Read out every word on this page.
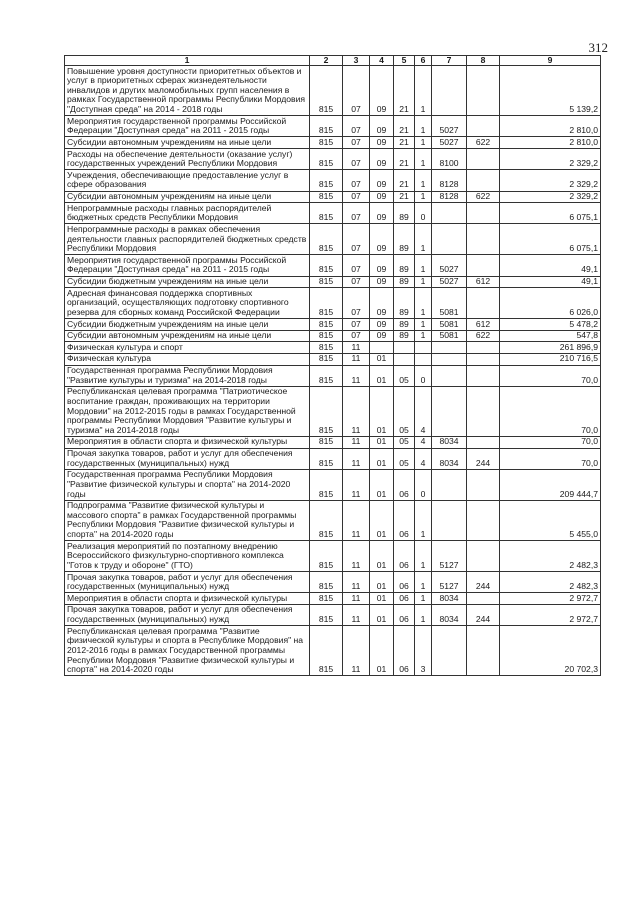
312
1	2	3	4	5	6	7	8	9
Повышение уровня доступности приоритетных объектов и услуг в приоритетных сферах жизнедеятельности инвалидов и других маломобильных групп населения в рамках Государственной программы Республики Мордовия "Доступная среда" на 2014 - 2018 годы	815	07	09	21	1			5 139,2
Мероприятия государственной программы Российской Федерации "Доступная среда" на 2011 - 2015 годы	815	07	09	21	1	5027		2 810,0
Субсидии автономным учреждениям на иные цели	815	07	09	21	1	5027	622	2 810,0
Расходы на обеспечение деятельности (оказание услуг) государственных учреждений Республики Мордовия	815	07	09	21	1	8100		2 329,2
Учреждения, обеспечивающие предоставление услуг в сфере образования	815	07	09	21	1	8128		2 329,2
Субсидии автономным учреждениям на иные цели	815	07	09	21	1	8128	622	2 329,2
Непрограммные расходы главных распорядителей бюджетных средств Республики Мордовия	815	07	09	89	0			6 075,1
Непрограммные расходы в рамках обеспечения деятельности главных распорядителей бюджетных средств Республики Мордовия	815	07	09	89	1			6 075,1
Мероприятия государственной программы Российской Федерации "Доступная среда" на 2011 - 2015 годы	815	07	09	89	1	5027		49,1
Субсидии бюджетным учреждениям на иные цели	815	07	09	89	1	5027	612	49,1
Адресная финансовая поддержка спортивных организаций, осуществляющих подготовку спортивного резерва для сборных команд Российской Федерации	815	07	09	89	1	5081		6 026,0
Субсидии бюджетным учреждениям на иные цели	815	07	09	89	1	5081	612	5 478,2
Субсидии автономным учреждениям на иные цели	815	07	09	89	1	5081	622	547,8
Физическая культура и спорт	815	11						261 896,9
Физическая культура	815	11	01					210 716,5
Государственная программа Республики Мордовия "Развитие культуры и туризма" на 2014-2018 годы	815	11	01	05	0			70,0
Республиканская целевая программа "Патриотическое воспитание граждан, проживающих на территории Мордовии" на 2012-2015 годы в рамках Государственной программы Республики Мордовия "Развитие культуры и туризма" на 2014-2018 годы	815	11	01	05	4			70,0
Мероприятия в области спорта и физической культуры	815	11	01	05	4	8034		70,0
Прочая закупка товаров, работ и услуг для обеспечения государственных (муниципальных) нужд	815	11	01	05	4	8034	244	70,0
Государственная программа Республики Мордовия "Развитие физической культуры и спорта" на 2014-2020 годы	815	11	01	06	0			209 444,7
Подпрограмма "Развитие физической культуры и массового спорта" в рамках Государственной программы Республики Мордовия "Развитие физической культуры и спорта" на 2014-2020 годы	815	11	01	06	1			5 455,0
Реализация мероприятий по поэтапному внедрению Всероссийского физкультурно-спортивного комплекса "Готов к труду и обороне" (ГТО)	815	11	01	06	1	5127		2 482,3
Прочая закупка товаров, работ и услуг для обеспечения государственных (муниципальных) нужд	815	11	01	06	1	5127	244	2 482,3
Мероприятия в области спорта и физической культуры	815	11	01	06	1	8034		2 972,7
Прочая закупка товаров, работ и услуг для обеспечения государственных (муниципальных) нужд	815	11	01	06	1	8034	244	2 972,7
Республиканская целевая программа "Развитие физической культуры и спорта в Республике Мордовия" на 2012-2016 годы в рамках Государственной программы Республики Мордовия "Развитие физической культуры и спорта" на 2014-2020 годы	815	11	01	06	3			20 702,3
